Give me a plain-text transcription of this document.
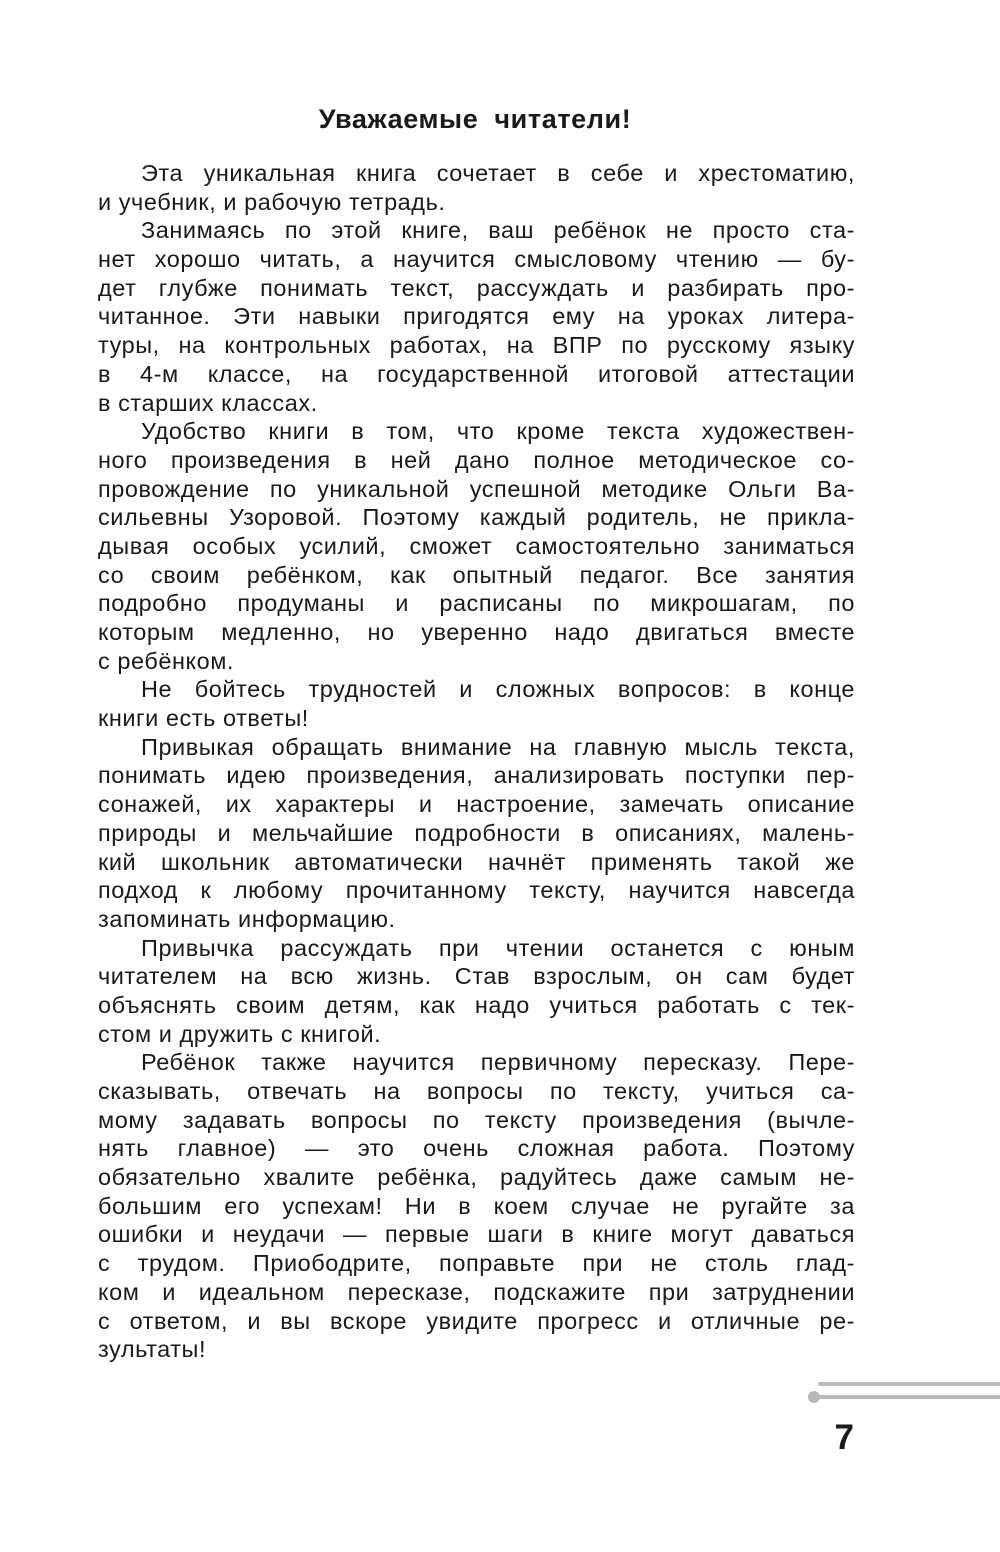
Уважаемые читатели!
Эта уникальная книга сочетает в себе и хрестоматию,
и учебник, и рабочую тетрадь.
Занимаясь по этой книге, ваш ребёнок не просто ста-
нет хорошо читать, а научится смысловому чтению — бу-
дет глубже понимать текст, рассуждать и разбирать про-
читанное. Эти навыки пригодятся ему на уроках литера-
туры, на контрольных работах, на ВПР по русскому языку
в 4-м классе, на государственной итоговой аттестации
в старших классах.
Удобство книги в том, что кроме текста художествен-
ного произведения в ней дано полное методическое со-
провождение по уникальной успешной методике Ольги Ва-
сильевны Узоровой. Поэтому каждый родитель, не прикла-
дывая особых усилий, сможет самостоятельно заниматься
со своим ребёнком, как опытный педагог. Все занятия
подробно продуманы и расписаны по микрошагам, по
которым медленно, но уверенно надо двигаться вместе
с ребёнком.
Не бойтесь трудностей и сложных вопросов: в конце
книги есть ответы!
Привыкая обращать внимание на главную мысль текста,
понимать идею произведения, анализировать поступки пер-
сонажей, их характеры и настроение, замечать описание
природы и мельчайшие подробности в описаниях, малень-
кий школьник автоматически начнёт применять такой же
подход к любому прочитанному тексту, научится навсегда
запоминать информацию.
Привычка рассуждать при чтении останется с юным
читателем на всю жизнь. Став взрослым, он сам будет
объяснять своим детям, как надо учиться работать с тек-
стом и дружить с книгой.
Ребёнок также научится первичному пересказу. Пере-
сказывать, отвечать на вопросы по тексту, учиться са-
мому задавать вопросы по тексту произведения (вычле-
нять главное) — это очень сложная работа. Поэтому
обязательно хвалите ребёнка, радуйтесь даже самым не-
большим его успехам! Ни в коем случае не ругайте за
ошибки и неудачи — первые шаги в книге могут даваться
с трудом. Приободрите, поправьте при не столь глад-
ком и идеальном пересказе, подскажите при затруднении
с ответом, и вы вскоре увидите прогресс и отличные ре-
зультаты!
7
